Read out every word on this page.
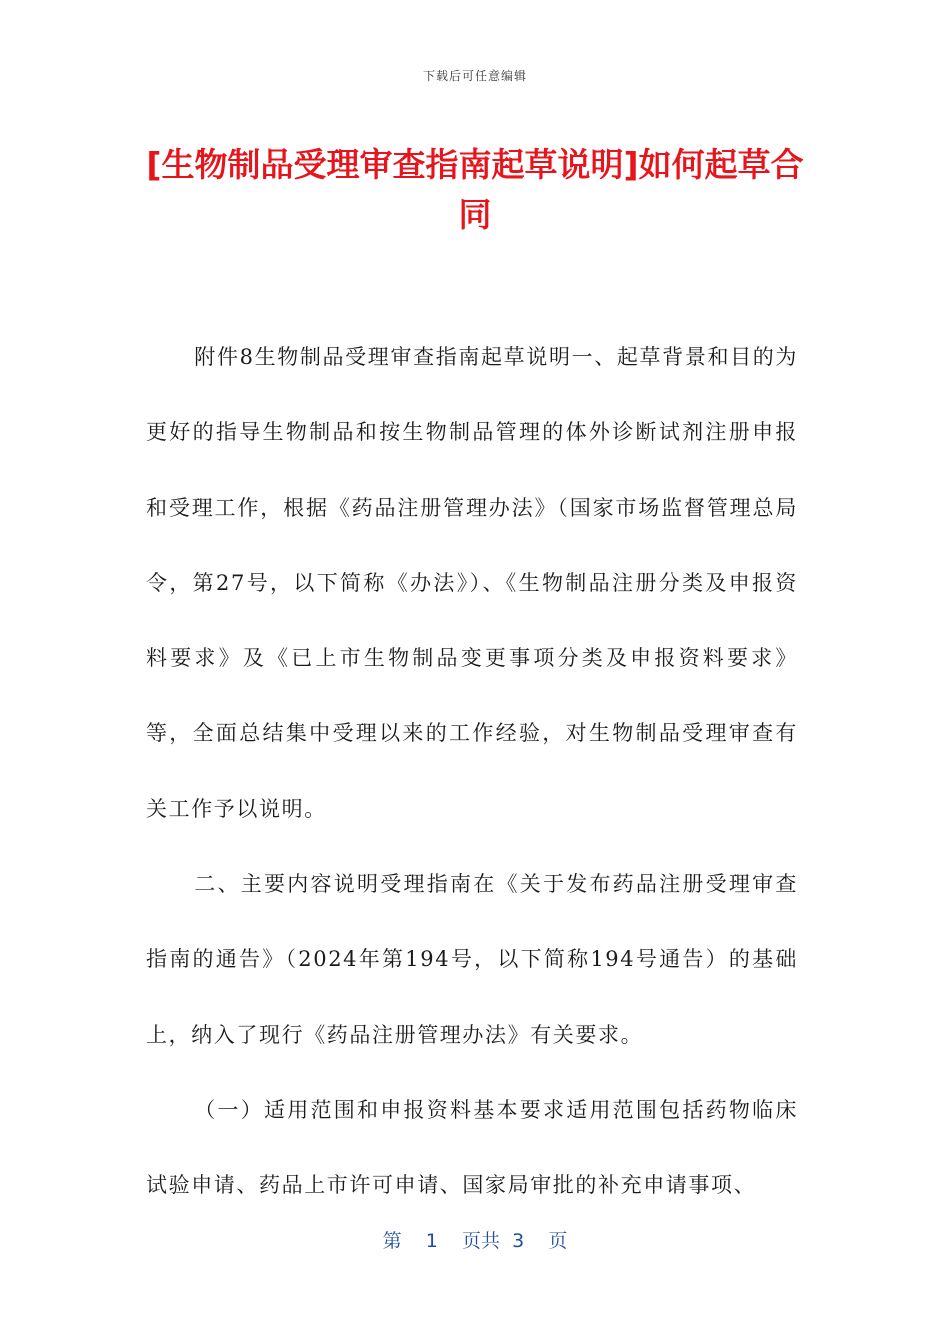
下载后可任意编辑
[生物制品受理审查指南起草说明]如何起草合同

附件8生物制品受理审查指南起草说明一、起草背景和目的为更好的指导生物制品和按生物制品管理的体外诊断试剂注册申报和受理工作，根据《药品注册管理办法》（国家市场监督管理总局令，第27号，以下简称《办法》）、《生物制品注册分类及申报资料要求》及《已上市生物制品变更事项分类及申报资料要求》等，全面总结集中受理以来的工作经验，对生物制品受理审查有关工作予以说明。

二、主要内容说明受理指南在《关于发布药品注册受理审查指南的通告》（2024年第194号，以下简称194号通告）的基础上，纳入了现行《药品注册管理办法》有关要求。

（一）适用范围和申报资料基本要求适用范围包括药物临床试验申请、药品上市许可申请、国家局审批的补充申请事项、

第 1 页共 3 页
